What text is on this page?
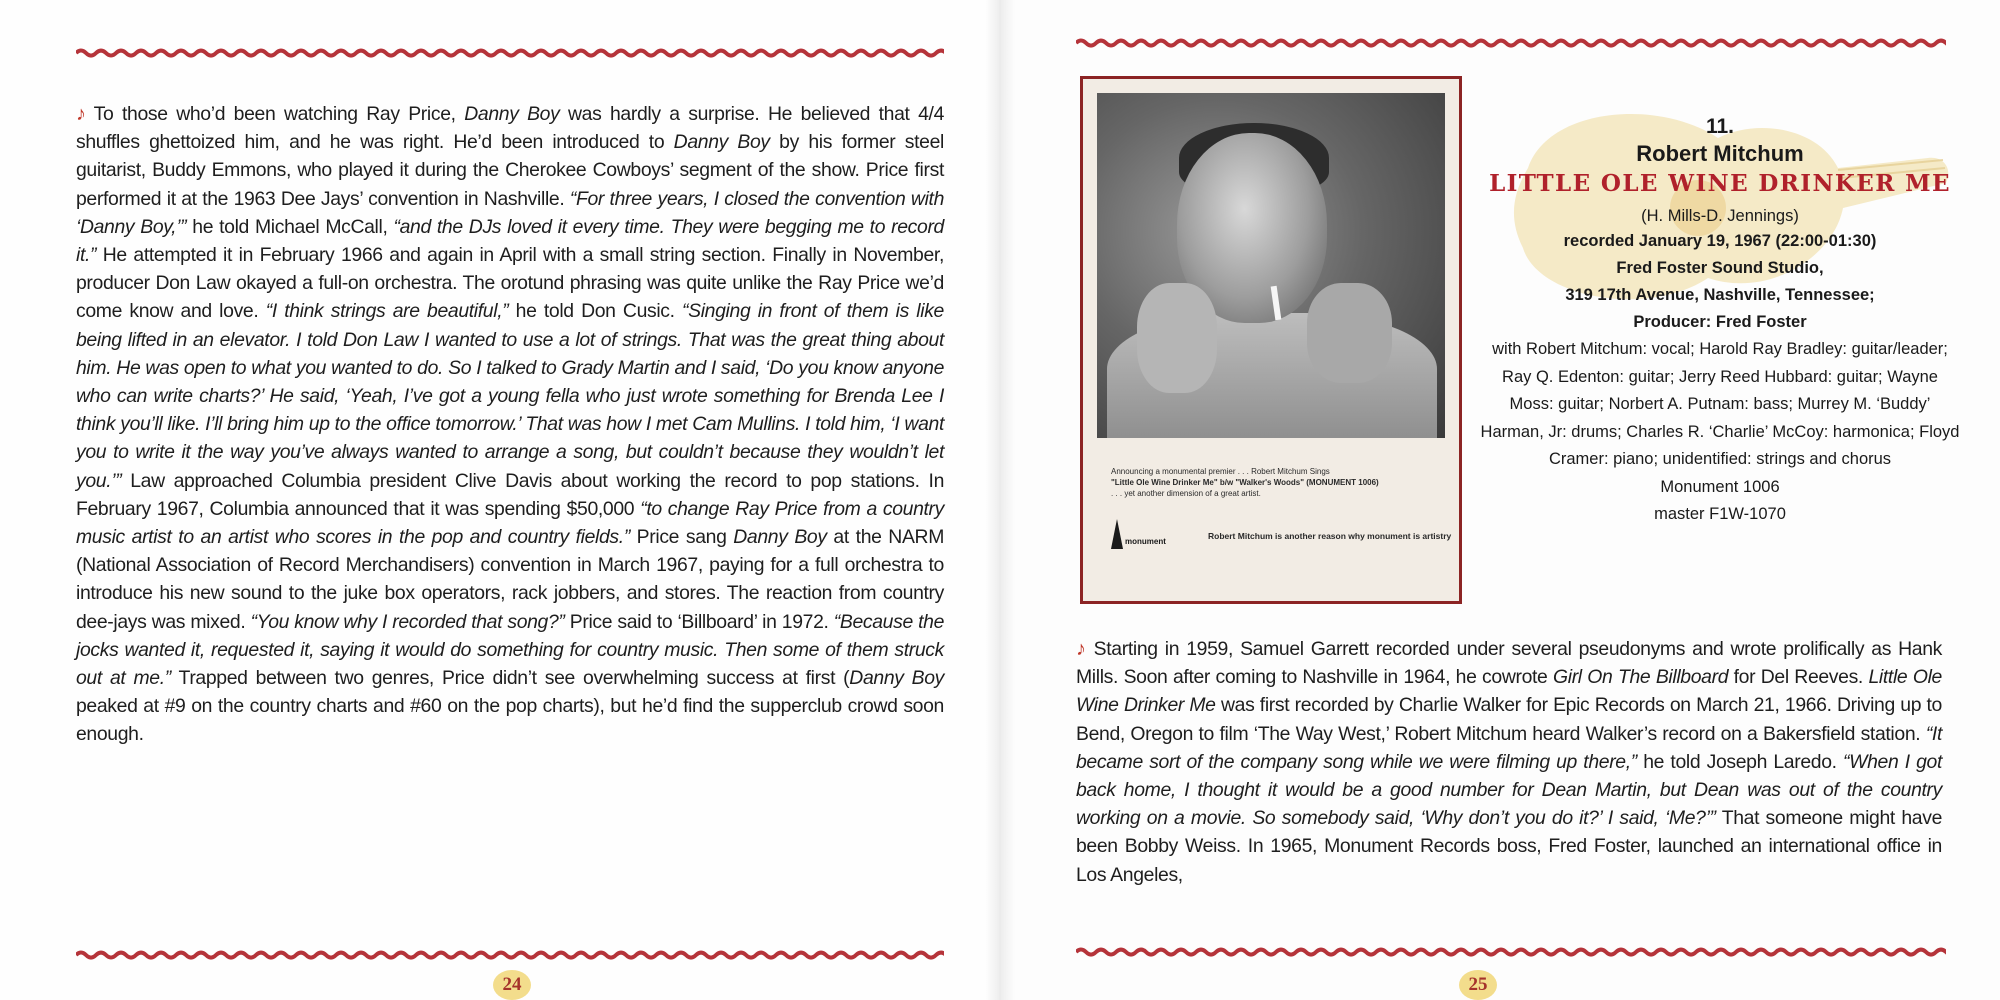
♪ To those who’d been watching Ray Price, Danny Boy was hardly a surprise. He believed that 4/4 shuffles ghettoized him, and he was right. He’d been introduced to Danny Boy by his former steel guitarist, Buddy Emmons, who played it during the Cherokee Cowboys’ segment of the show. Price first performed it at the 1963 Dee Jays’ convention in Nashville. “For three years, I closed the convention with ‘Danny Boy,’” he told Michael McCall, “and the DJs loved it every time. They were begging me to record it.” He attempted it in February 1966 and again in April with a small string section. Finally in November, producer Don Law okayed a full-on orchestra. The orotund phrasing was quite unlike the Ray Price we’d come know and love. “I think strings are beautiful,” he told Don Cusic. “Singing in front of them is like being lifted in an elevator. I told Don Law I wanted to use a lot of strings. That was the great thing about him. He was open to what you wanted to do. So I talked to Grady Martin and I said, ‘Do you know anyone who can write charts?’ He said, ‘Yeah, I’ve got a young fella who just wrote something for Brenda Lee I think you’ll like. I’ll bring him up to the office tomorrow.’ That was how I met Cam Mullins. I told him, ‘I want you to write it the way you’ve always wanted to arrange a song, but couldn’t because they wouldn’t let you.’” Law approached Columbia president Clive Davis about working the record to pop stations. In February 1967, Columbia announced that it was spending $50,000 “to change Ray Price from a country music artist to an artist who scores in the pop and country fields.” Price sang Danny Boy at the NARM (National Association of Record Merchandisers) convention in March 1967, paying for a full orchestra to introduce his new sound to the juke box operators, rack jobbers, and stores. The reaction from country dee-jays was mixed. “You know why I recorded that song?” Price said to ‘Billboard’ in 1972. “Because the jocks wanted it, requested it, saying it would do something for country music. Then some of them struck out at me.” Trapped between two genres, Price didn’t see overwhelming success at first (Danny Boy peaked at #9 on the country charts and #60 on the pop charts), but he’d find the supperclub crowd soon enough.
24	25
Announcing a monumental premier . . . Robert Mitchum Sings
"Little Ole Wine Drinker Me" b/w "Walker's Woods" (MONUMENT 1006)
. . . yet another dimension of a great artist.
monument
Robert Mitchum is another reason why monument is artistry
11.
Robert Mitchum
LITTLE OLE WINE DRINKER ME
(H. Mills-D. Jennings)
recorded January 19, 1967 (22:00-01:30)
Fred Foster Sound Studio,
319 17th Avenue, Nashville, Tennessee;
Producer: Fred Foster
with Robert Mitchum: vocal; Harold Ray Bradley: guitar/leader; Ray Q. Edenton: guitar; Jerry Reed Hubbard: guitar; Wayne Moss: guitar; Norbert A. Putnam: bass; Murrey M. ‘Buddy’ Harman, Jr: drums; Charles R. ‘Charlie’ McCoy: harmonica; Floyd Cramer: piano; unidentified: strings and chorus
Monument 1006
master F1W-1070
♪ Starting in 1959, Samuel Garrett recorded under several pseudonyms and wrote prolifically as Hank Mills. Soon after coming to Nashville in 1964, he cowrote Girl On The Billboard for Del Reeves. Little Ole Wine Drinker Me was first recorded by Charlie Walker for Epic Records on March 21, 1966. Driving up to Bend, Oregon to film ‘The Way West,’ Robert Mitchum heard Walker’s record on a Bakersfield station. “It became sort of the company song while we were filming up there,” he told Joseph Laredo. “When I got back home, I thought it would be a good number for Dean Martin, but Dean was out of the country working on a movie. So somebody said, ‘Why don’t you do it?’ I said, ‘Me?’” That someone might have been Bobby Weiss. In 1965, Monument Records boss, Fred Foster, launched an international office in Los Angeles,
